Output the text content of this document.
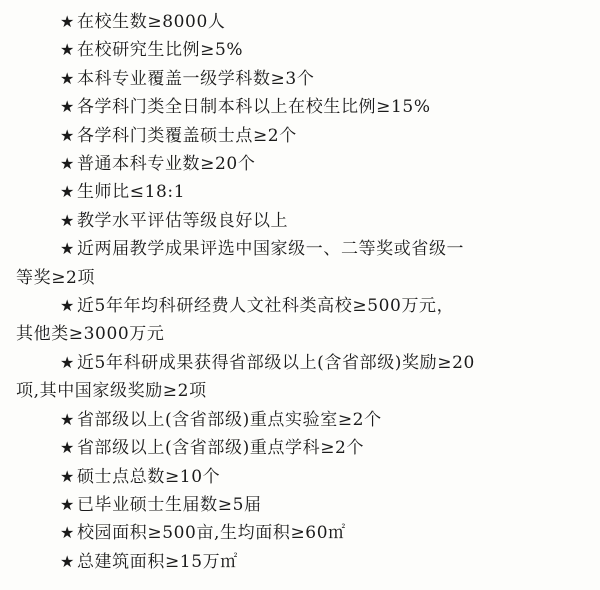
★ 在校生数≥8000人
★ 在校研究生比例≥5%
★ 本科专业覆盖一级学科数≥3个
★ 各学科门类全日制本科以上在校生比例≥15%
★ 各学科门类覆盖硕士点≥2个
★ 普通本科专业数≥20个
★ 生师比≤18:1
★ 教学水平评估等级良好以上
★ 近两届教学成果评选中国家级一、二等奖或省级一
等奖≥2项
★ 近5年年均科研经费人文社科类高校≥500万元，
其他类≥3000万元
★ 近5年科研成果获得省部级以上(含省部级)奖励≥20
项,其中国家级奖励≥2项
★ 省部级以上(含省部级)重点实验室≥2个
★ 省部级以上(含省部级)重点学科≥2个
★ 硕士点总数≥10个
★ 已毕业硕士生届数≥5届
★ 校园面积≥500亩,生均面积≥60㎡
★ 总建筑面积≥15万㎡
